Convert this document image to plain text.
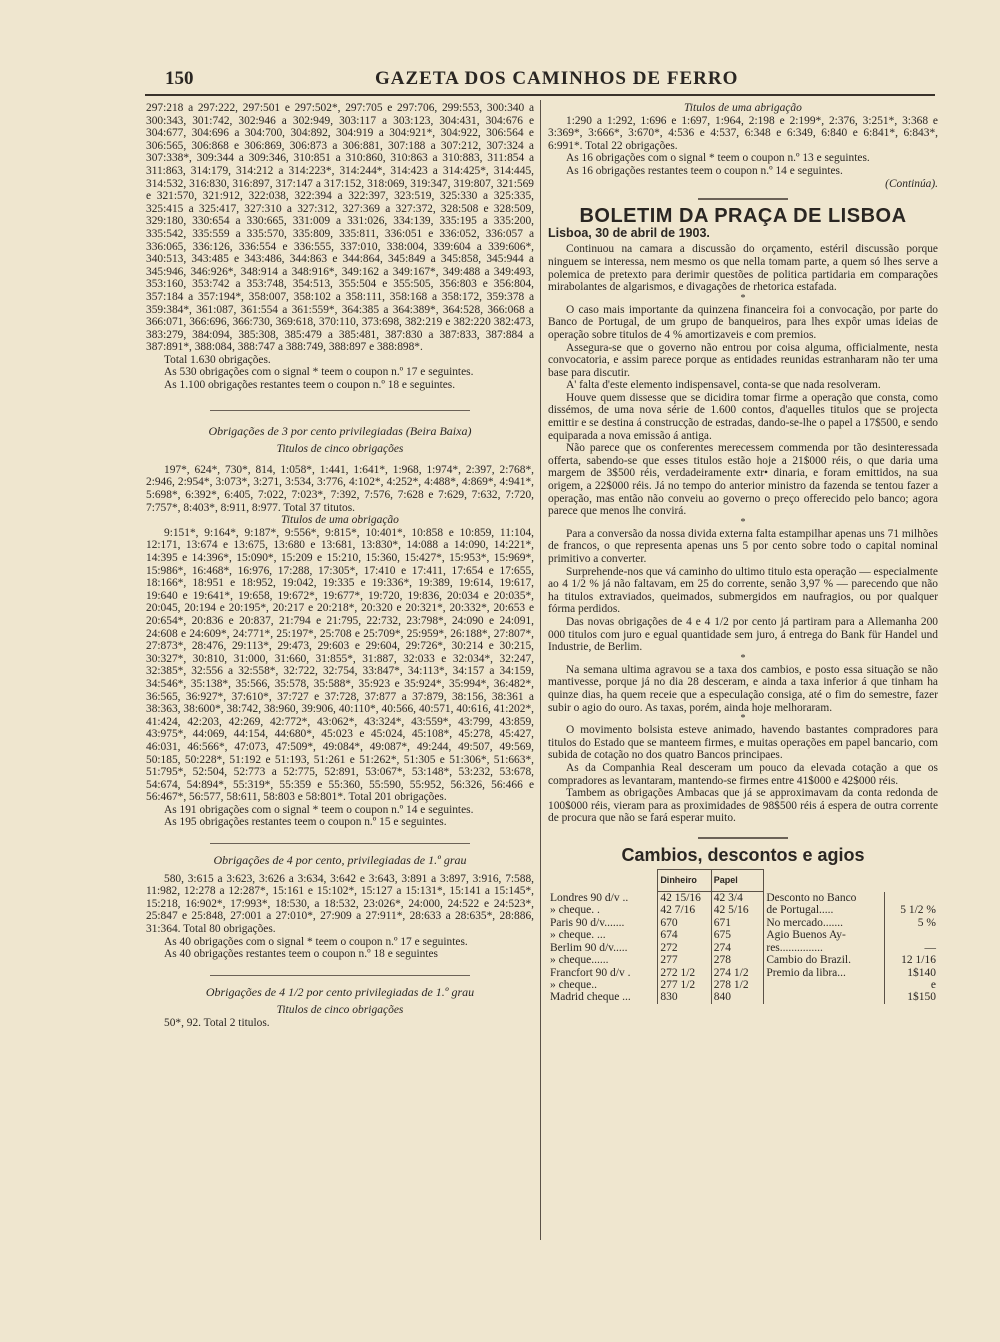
150	GAZETA DOS CAMINHOS DE FERRO

297:218 a 297:222, 297:501 e 297:502*, 297:705 e 297:706, 299:553, 300:340 a 300:343, 301:742, 302:946 a 302:949, 303:117 a 303:123, 304:431, 304:676 e 304:677, 304:696 a 304:700, 304:892, 304:919 a 304:921*, 304:922, 306:564 e 306:565, 306:868 e 306:869, 306:873 a 306:881, 307:188 a 307:212, 307:324 a 307:338*, 309:344 a 309:346, 310:851 a 310:860, 310:863 a 310:883, 311:854 a 311:863, 314:179, 314:212 a 314:223*, 314:244*, 314:423 a 314:425*, 314:445, 314:532, 316:830, 316:897, 317:147 a 317:152, 318:069, 319:347, 319:807, 321:569 e 321:570, 321:912, 322:038, 322:394 a 322:397, 323:519, 325:330 a 325:335, 325:415 a 325:417, 327:310 a 327:312, 327:369 a 327:372, 328:508 e 328:509, 329:180, 330:654 a 330:665, 331:009 a 331:026, 334:139, 335:195 a 335:200, 335:542, 335:559 a 335:570, 335:809, 335:811, 336:051 e 336:052, 336:057 a 336:065, 336:126, 336:554 e 336:555, 337:010, 338:004, 339:604 a 339:606*, 340:513, 343:485 e 343:486, 344:863 e 344:864, 345:849 a 345:858, 345:944 a 345:946, 346:926*, 348:914 a 348:916*, 349:162 a 349:167*, 349:488 a 349:493, 353:160, 353:742 a 353:748, 354:513, 355:504 e 355:505, 356:803 e 356:804, 357:184 a 357:194*, 358:007, 358:102 a 358:111, 358:168 a 358:172, 359:378 a 359:384*, 361:087, 361:554 a 361:559*, 364:385 a 364:389*, 364:528, 366:068 a 366:071, 366:696, 366:730, 369:618, 370:110, 373:698, 382:219 e 382:220 382:473, 383:279, 384:094, 385:308, 385:479 a 385:481, 387:830 a 387:833, 387:884 a 387:891*, 388:084, 388:747 a 388:749, 388:897 e 388:898*.

Total 1.630 obrigações.

As 530 obrigações com o signal * teem o coupon n.º 17 e seguintes.

As 1.100 obrigações restantes teem o coupon n.º 18 e seguintes.

Obrigações de 3 por cento privilegiadas (Beira Baixa)

Titulos de cinco obrigações

197*, 624*, 730*, 814, 1:058*, 1:441, 1:641*, 1:968, 1:974*, 2:397, 2:768*, 2:946, 2:954*, 3:073*, 3:271, 3:534, 3:776, 4:102*, 4:252*, 4:488*, 4:869*, 4:941*, 5:698*, 6:392*, 6:405, 7:022, 7:023*, 7:392, 7:576, 7:628 e 7:629, 7:632, 7:720, 7:757*, 8:403*, 8:911, 8:977. Total 37 titutos.

Titulos de uma obrigação

9:151*, 9:164*, 9:187*, 9:556*, 9:815*, 10:401*, 10:858 e 10:859, 11:104, 12:171, 13:674 e 13:675, 13:680 e 13:681, 13:830*, 14:088 a 14:090, 14:221*, 14:395 e 14:396*, 15:090*, 15:209 e 15:210, 15:360, 15:427*, 15:953*, 15:969*, 15:986*, 16:468*, 16:976, 17:288, 17:305*, 17:410 e 17:411, 17:654 e 17:655, 18:166*, 18:951 e 18:952, 19:042, 19:335 e 19:336*, 19:389, 19:614, 19:617, 19:640 e 19:641*, 19:658, 19:672*, 19:677*, 19:720, 19:836, 20:034 e 20:035*, 20:045, 20:194 e 20:195*, 20:217 e 20:218*, 20:320 e 20:321*, 20:332*, 20:653 e 20:654*, 20:836 e 20:837, 21:794 e 21:795, 22:732, 23:798*, 24:090 e 24:091, 24:608 e 24:609*, 24:771*, 25:197*, 25:708 e 25:709*, 25:959*, 26:188*, 27:807*, 27:873*, 28:476, 29:113*, 29:473, 29:603 e 29:604, 29:726*, 30:214 e 30:215, 30:327*, 30:810, 31:000, 31:660, 31:855*, 31:887, 32:033 e 32:034*, 32:247, 32:385*, 32:556 a 32:558*, 32:722, 32:754, 33:847*, 34:113*, 34:157 a 34:159, 34:546*, 35:138*, 35:566, 35:578, 35:588*, 35:923 e 35:924*, 35:994*, 36:482*, 36:565, 36:927*, 37:610*, 37:727 e 37:728, 37:877 a 37:879, 38:156, 38:361 a 38:363, 38:600*, 38:742, 38:960, 39:906, 40:110*, 40:566, 40:571, 40:616, 41:202*, 41:424, 42:203, 42:269, 42:772*, 43:062*, 43:324*, 43:559*, 43:799, 43:859, 43:975*, 44:069, 44:154, 44:680*, 45:023 e 45:024, 45:108*, 45:278, 45:427, 46:031, 46:566*, 47:073, 47:509*, 49:084*, 49:087*, 49:244, 49:507, 49:569, 50:185, 50:228*, 51:192 e 51:193, 51:261 e 51:262*, 51:305 e 51:306*, 51:663*, 51:795*, 52:504, 52:773 a 52:775, 52:891, 53:067*, 53:148*, 53:232, 53:678, 54:674, 54:894*, 55:319*, 55:359 e 55:360, 55:590, 55:952, 56:326, 56:466 e 56:467*, 56:577, 58:611, 58:803 e 58:801*. Total 201 obrigações.

As 191 obrigações com o signal * teem o coupon n.º 14 e seguintes.

As 195 obrigações restantes teem o coupon n.º 15 e seguintes.

Obrigações de 4 por cento, privilegiadas de 1.º grau

580, 3:615 a 3:623, 3:626 a 3:634, 3:642 e 3:643, 3:891 a 3:897, 3:916, 7:588, 11:982, 12:278 a 12:287*, 15:161 e 15:102*, 15:127 a 15:131*, 15:141 a 15:145*, 15:218, 16:902*, 17:993*, 18:530, a 18:532, 23:026*, 24:000, 24:522 e 24:523*, 25:847 e 25:848, 27:001 a 27:010*, 27:909 a 27:911*, 28:633 a 28:635*, 28:886, 31:364. Total 80 obrigações.

As 40 obrigações com o signal * teem o coupon n.º 17 e seguintes.

As 40 obrigações restantes teem o coupon n.º 18 e seguintes

Obrigações de 4 1/2 por cento privilegiadas de 1.º grau

Titulos de cinco obrigações

50*, 92. Total 2 titulos.

Titulos de uma abrigação

1:290 a 1:292, 1:696 e 1:697, 1:964, 2:198 e 2:199*, 2:376, 3:251*, 3:368 e 3:369*, 3:666*, 3:670*, 4:536 e 4:537, 6:348 e 6:349, 6:840 e 6:841*, 6:843*, 6:991*. Total 22 obrigações.

As 16 obrigações com o signal * teem o coupon n.º 13 e seguintes.

As 16 obrigações restantes teem o coupon n.º 14 e seguintes.

(Continúa).

BOLETIM DA PRAÇA DE LISBOA
Lisboa, 30 de abril de 1903.

Continuou na camara a discussão do orçamento, estéril discussão porque ninguem se interessa, nem mesmo os que nella tomam parte, a quem só lhes serve a polemica de pretexto para derimir questões de politica partidaria em comparações mirabolantes de algarismos, e divagações de rhetorica estafada.

*

O caso mais importante da quinzena financeira foi a convocação, por parte do Banco de Portugal, de um grupo de banqueiros, para lhes expôr umas ideias de operação sobre titulos de 4 % amortizaveis e com premios.

Assegura-se que o governo não entrou por coisa alguma, officialmente, nesta convocatoria, e assim parece porque as entidades reunidas estranharam não ter uma base para discutir.

A' falta d'este elemento indispensavel, conta-se que nada resolveram.

Houve quem dissesse que se dicidira tomar firme a operação que consta, como dissémos, de uma nova série de 1.600 contos, d'aquelles titulos que se projecta emittir e se destina á construcção de estradas, dando-se-lhe o papel a 17$500, e sendo equiparada a nova emissão á antiga.

Não parece que os conferentes merecessem commenda por tão desinteressada offerta, sabendo-se que esses titulos estão hoje a 21$000 réis, o que daria uma margem de 3$500 réis, verdadeiramente extr• dinaria, e foram emittidos, na sua origem, a 22$000 réis. Já no tempo do anterior ministro da fazenda se tentou fazer a operação, mas então não conveiu ao governo o preço offerecido pelo banco; agora parece que menos lhe convirá.

*

Para a conversão da nossa divida externa falta estampilhar apenas uns 71 milhões de francos, o que representa apenas uns 5 por cento sobre todo o capital nominal primitivo a converter.

Surprehende-nos que vá caminho do ultimo titulo esta operação — especialmente ao 4 1/2 % já não faltavam, em 25 do corrente, senão 3,97 % — parecendo que não ha titulos extraviados, queimados, submergidos em naufragios, ou por qualquer fórma perdidos.

Das novas obrigações de 4 e 4 1/2 por cento já partiram para a Allemanha 200 000 titulos com juro e egual quantidade sem juro, á entrega do Bank für Handel und Industrie, de Berlim.

*

Na semana ultima agravou se a taxa dos cambios, e posto essa situação se não mantivesse, porque já no dia 28 desceram, e ainda a taxa inferior á que tinham ha quinze dias, ha quem receie que a especulação consiga, até o fim do semestre, fazer subir o agio do ouro. As taxas, porém, ainda hoje melhoraram.

*

O movimento bolsista esteve animado, havendo bastantes compradores para titulos do Estado que se manteem firmes, e muitas operações em papel bancario, com subida de cotação no dos quatro Bancos principaes.

As da Companhia Real desceram um pouco da elevada cotação a que os compradores as levantaram, mantendo-se firmes entre 41$000 e 42$000 réis.

Tambem as obrigações Ambacas que já se approximavam da conta redonda de 100$000 réis, vieram para as proximidades de 98$500 réis á espera de outra corrente de procura que não se fará esperar muito.

Cambios, descontos e agios
	Dinheiro	Papel		
Londres 90 d/v ..	42 15/16	42 3/4	Desconto no Banco	
» cheque. .	42 7/16	42 5/16	de Portugal.....	5 1/2 %
Paris 90 d/v.......	670	671	No mercado.......	5 %
» cheque. ...	674	675	Agio Buenos Ay-	
Berlim 90 d/v.....	272	274	res...............	—
» cheque......	277	278	Cambio do Brazil.	12 1/16
Francfort 90 d/v .	272 1/2	274 1/2	Premio da libra...	1$140
» cheque..	277 1/2	278 1/2		e
Madrid cheque ...	830	840		1$150
